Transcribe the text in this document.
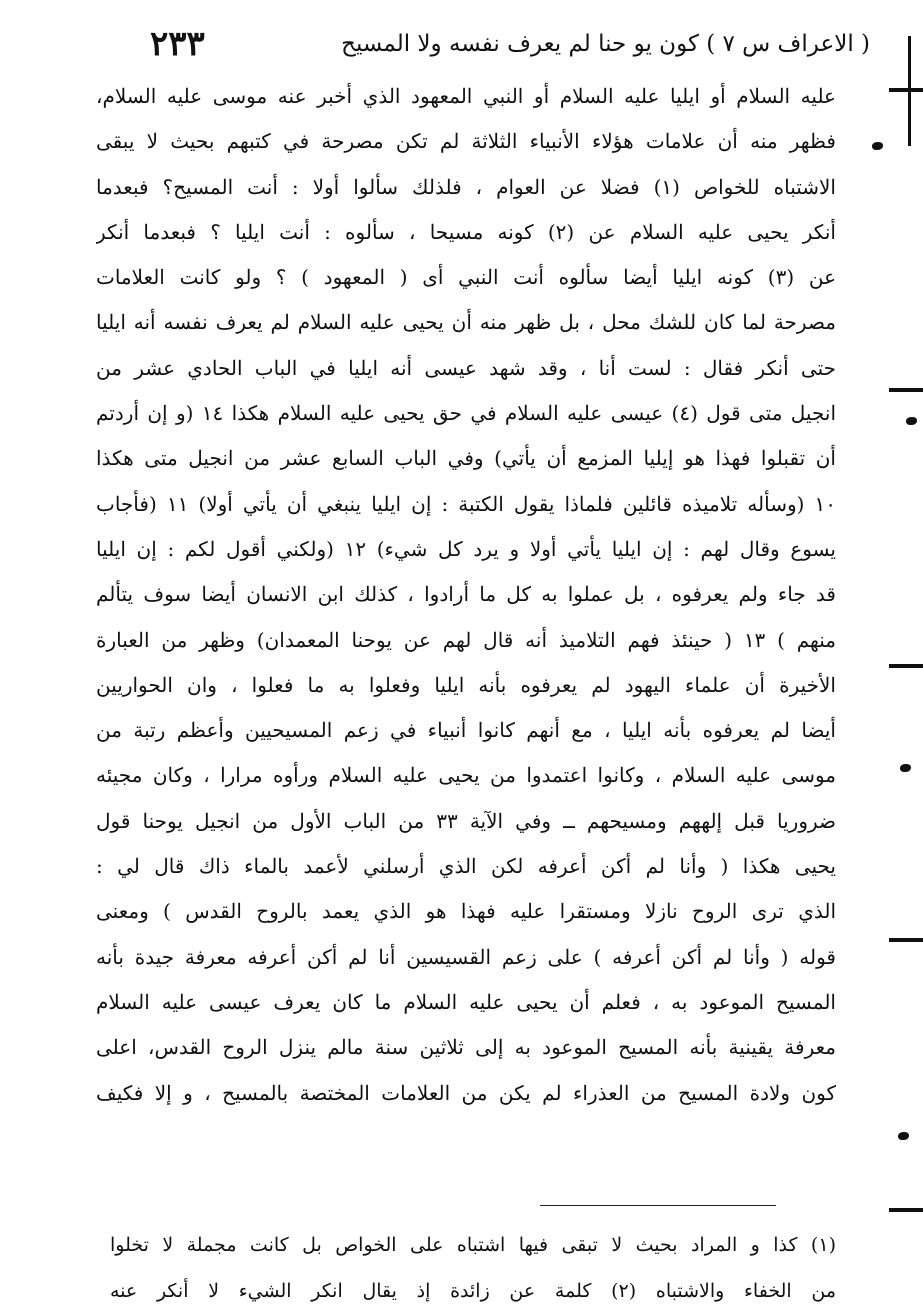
( الاعراف س ٧ ) كون يو حنا لم يعرف نفسه ولا المسيح
٢٣٣
عليه السلام أو ايليا عليه السلام أو النبي المعهود الذي أخبر عنه موسى عليه السلام،
فظهر منه أن علامات هؤلاء الأنبياء الثلاثة لم تكن مصرحة في كتبهم بحيث لا يبقى
الاشتباه للخواص (١) فضلا عن العوام ، فلذلك سألوا أولا : أنت المسيح؟ فبعدما
أنكر يحيى عليه السلام عن (٢) كونه مسيحا ، سألوه : أنت ايليا ؟ فبعدما أنكر
عن (٣) كونه ايليا أيضا سألوه أنت النبي أى ( المعهود ) ؟ ولو كانت العلامات
مصرحة لما كان للشك محل ، بل ظهر منه أن يحيى عليه السلام لم يعرف نفسه أنه ايليا
حتى أنكر فقال : لست أنا ، وقد شهد عيسى أنه ايليا في الباب الحادي عشر من
انجيل متى قول (٤) عيسى عليه السلام في حق يحيى عليه السلام هكذا ١٤ (و إن أردتم
أن تقبلوا فهذا هو إيليا المزمع أن يأتي) وفي الباب السابع عشر من انجيل متى هكذا
١٠ (وسأله تلاميذه قائلين فلماذا يقول الكتبة : إن ايليا ينبغي أن يأتي أولا) ١١ (فأجاب
يسوع وقال لهم : إن ايليا يأتي أولا و يرد كل شيء) ١٢ (ولكني أقول لكم : إن ايليا
قد جاء ولم يعرفوه ، بل عملوا به كل ما أرادوا ، كذلك ابن الانسان أيضا سوف يتألم
منهم ) ١٣ ( حينئذ فهم التلاميذ أنه قال لهم عن يوحنا المعمدان) وظهر من العبارة
الأخيرة أن علماء اليهود لم يعرفوه بأنه ايليا وفعلوا به ما فعلوا ، وان الحواريين
أيضا لم يعرفوه بأنه ايليا ، مع أنهم كانوا أنبياء في زعم المسيحيين وأعظم رتبة من
موسى عليه السلام ، وكانوا اعتمدوا من يحيى عليه السلام ورأوه مرارا ، وكان مجيئه
ضروريا قبل إلههم ومسيحهم ــ وفي الآية ٣٣ من الباب الأول من انجيل يوحنا قول
يحيى هكذا ( وأنا لم أكن أعرفه لكن الذي أرسلني لأعمد بالماء ذاك قال لي :
الذي ترى الروح نازلا ومستقرا عليه فهذا هو الذي يعمد بالروح القدس ) ومعنى
قوله ( وأنا لم أكن أعرفه ) على زعم القسيسين أنا لم أكن أعرفه معرفة جيدة بأنه
المسيح الموعود به ، فعلم أن يحيى عليه السلام ما كان يعرف عيسى عليه السلام
معرفة يقينية بأنه المسيح الموعود به إلى ثلاثين سنة مالم ينزل الروح القدس، اعلى
كون ولادة المسيح من العذراء لم يكن من العلامات المختصة بالمسيح ، و إلا فكيف
(١) كذا و المراد بحيث لا تبقى فيها اشتباه على الخواص بل كانت مجملة لا تخلوا
من الخفاء والاشتباه (٢) كلمة عن زائدة إذ يقال انكر الشيء لا أنكر عنه
